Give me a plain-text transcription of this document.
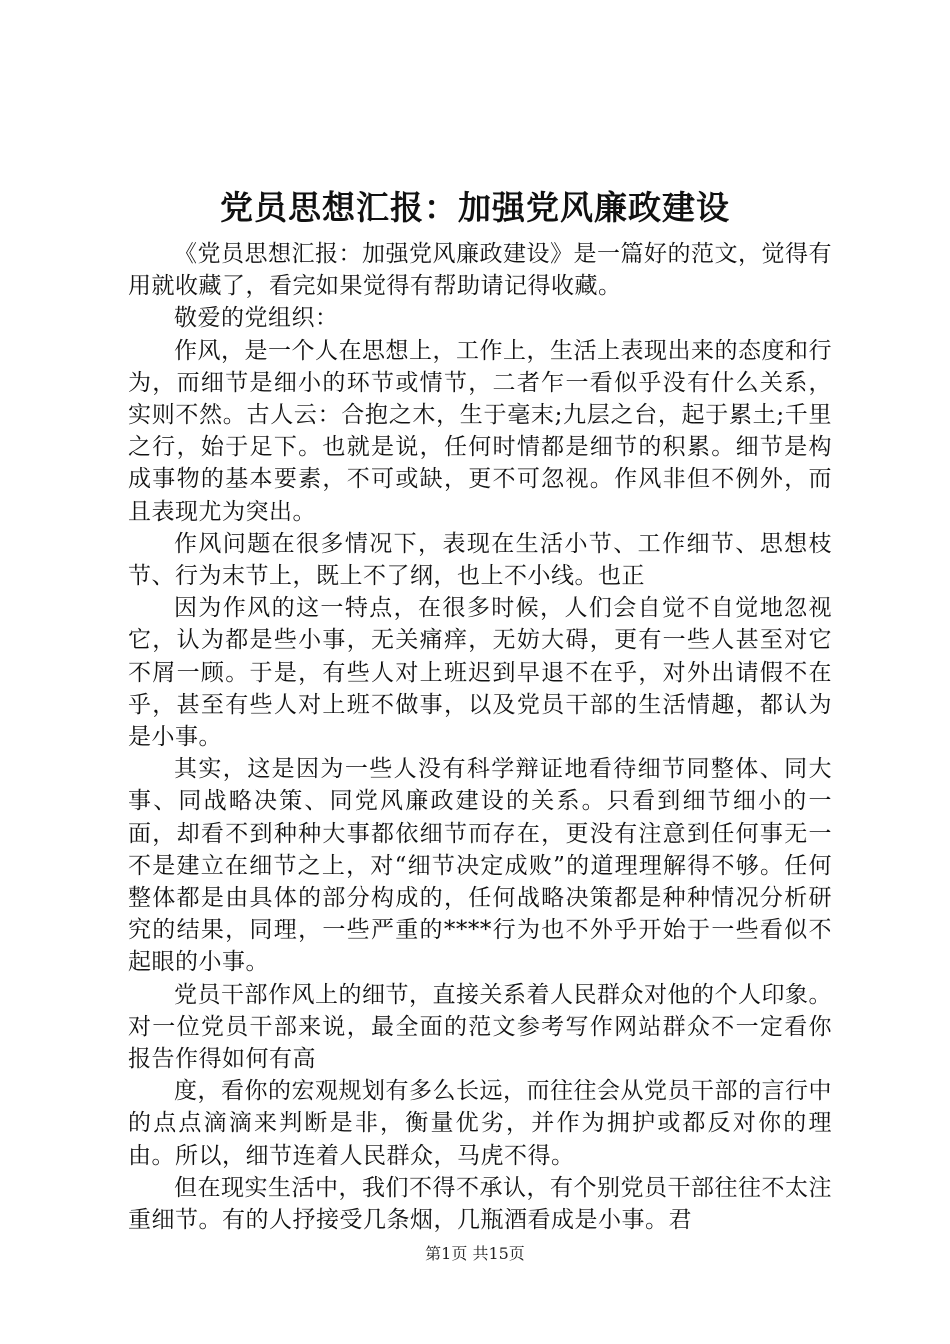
党员思想汇报：加强党风廉政建设

《党员思想汇报：加强党风廉政建设》是一篇好的范文，觉得有用就收藏了，看完如果觉得有帮助请记得收藏。

敬爱的党组织：

作风，是一个人在思想上，工作上，生活上表现出来的态度和行为，而细节是细小的环节或情节，二者乍一看似乎没有什么关系，实则不然。古人云：合抱之木，生于毫末;九层之台，起于累土;千里之行，始于足下。也就是说，任何时情都是细节的积累。细节是构成事物的基本要素，不可或缺，更不可忽视。作风非但不例外，而且表现尤为突出。

作风问题在很多情况下，表现在生活小节、工作细节、思想枝节、行为末节上，既上不了纲，也上不小线。也正

因为作风的这一特点，在很多时候，人们会自觉不自觉地忽视它，认为都是些小事，无关痛痒，无妨大碍，更有一些人甚至对它不屑一顾。于是，有些人对上班迟到早退不在乎，对外出请假不在乎，甚至有些人对上班不做事，以及党员干部的生活情趣，都认为是小事。

其实，这是因为一些人没有科学辩证地看待细节同整体、同大事、同战略决策、同党风廉政建设的关系。只看到细节细小的一面，却看不到种种大事都依细节而存在，更没有注意到任何事无一不是建立在细节之上，对“细节决定成败”的道理理解得不够。任何整体都是由具体的部分构成的，任何战略决策都是种种情况分析研究的结果，同理，一些严重的****行为也不外乎开始于一些看似不起眼的小事。

党员干部作风上的细节，直接关系着人民群众对他的个人印象。对一位党员干部来说，最全面的范文参考写作网站群众不一定看你报告作得如何有高

度，看你的宏观规划有多么长远，而往往会从党员干部的言行中的点点滴滴来判断是非，衡量优劣，并作为拥护或都反对你的理由。所以，细节连着人民群众，马虎不得。

但在现实生活中，我们不得不承认，有个别党员干部往往不太注重细节。有的人抒接受几条烟，几瓶酒看成是小事。君

第1页 共15页
